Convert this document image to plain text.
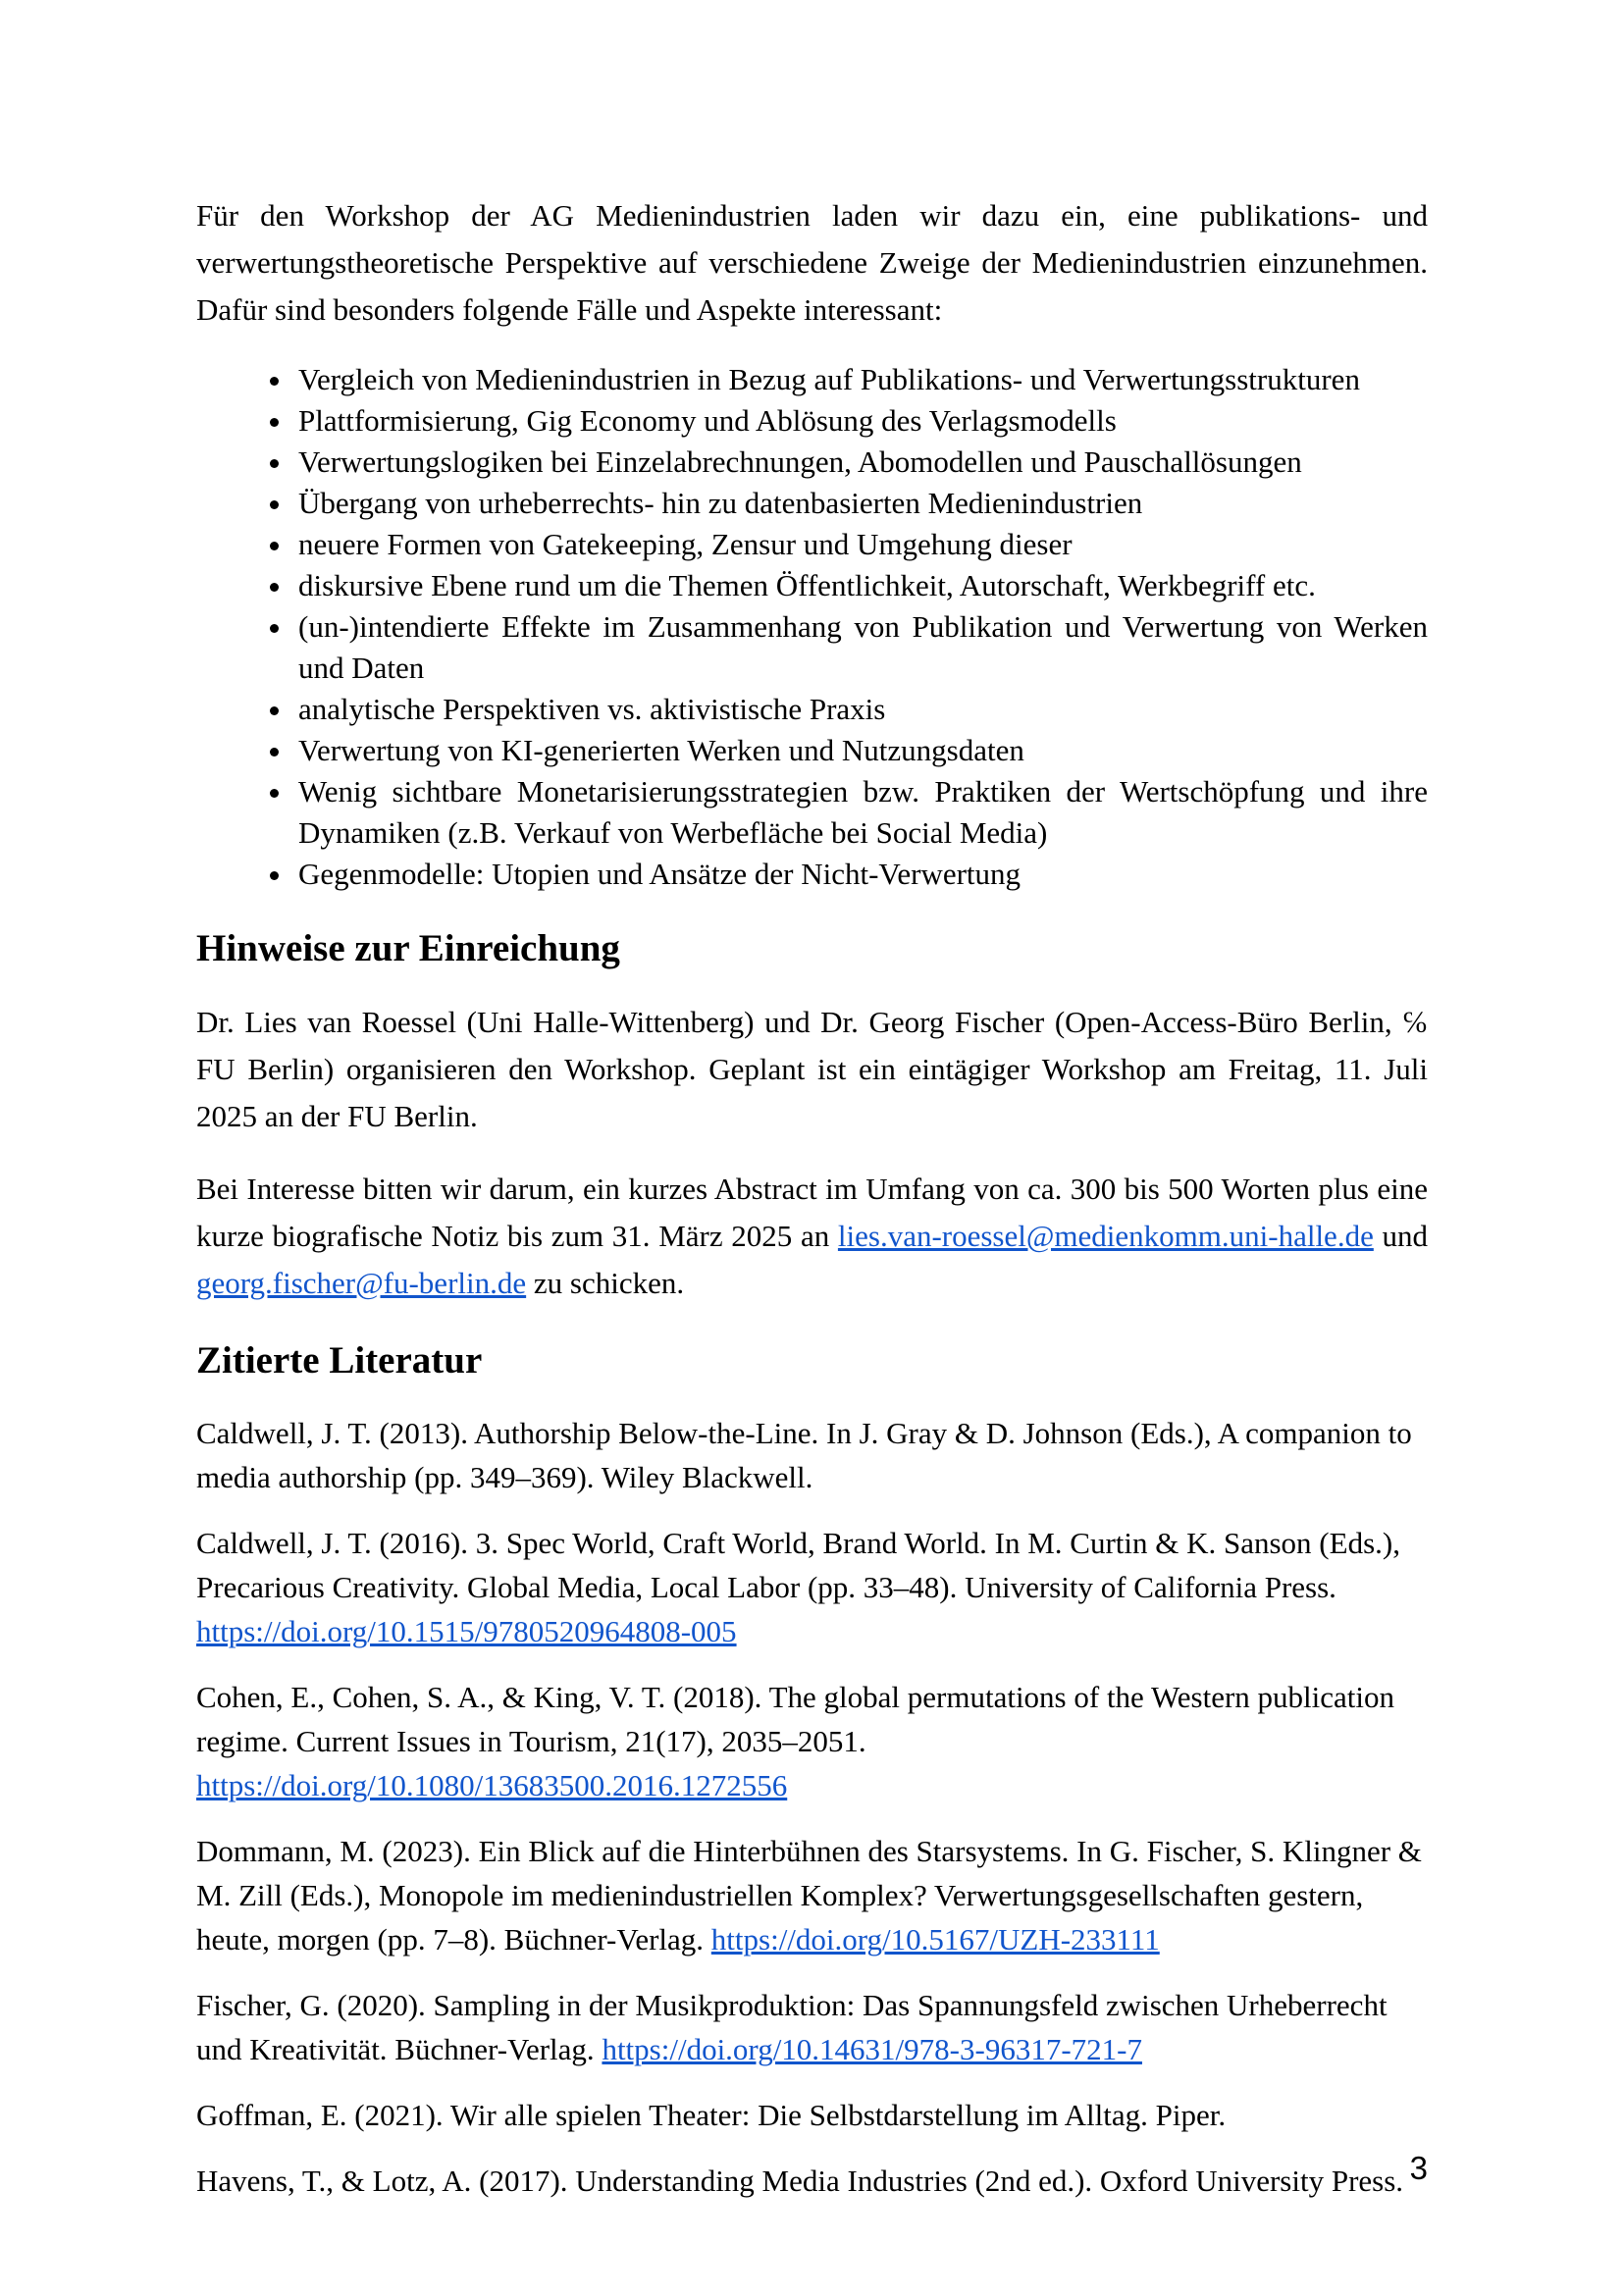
Für den Workshop der AG Medienindustrien laden wir dazu ein, eine publikations- und verwertungstheoretische Perspektive auf verschiedene Zweige der Medienindustrien einzunehmen. Dafür sind besonders folgende Fälle und Aspekte interessant:

• Vergleich von Medienindustrien in Bezug auf Publikations- und Verwertungsstrukturen
• Plattformisierung, Gig Economy und Ablösung des Verlagsmodells
• Verwertungslogiken bei Einzelabrechnungen, Abomodellen und Pauschallösungen
• Übergang von urheberrechts- hin zu datenbasierten Medienindustrien
• neuere Formen von Gatekeeping, Zensur und Umgehung dieser
• diskursive Ebene rund um die Themen Öffentlichkeit, Autorschaft, Werkbegriff etc.
• (un-)intendierte Effekte im Zusammenhang von Publikation und Verwertung von Werken und Daten
• analytische Perspektiven vs. aktivistische Praxis
• Verwertung von KI-generierten Werken und Nutzungsdaten
• Wenig sichtbare Monetarisierungsstrategien bzw. Praktiken der Wertschöpfung und ihre Dynamiken (z.B. Verkauf von Werbefläche bei Social Media)
• Gegenmodelle: Utopien und Ansätze der Nicht-Verwertung
Hinweise zur Einreichung

Dr. Lies van Roessel (Uni Halle-Wittenberg) und Dr. Georg Fischer (Open-Access-Büro Berlin, ℅ FU Berlin) organisieren den Workshop. Geplant ist ein eintägiger Workshop am Freitag, 11. Juli 2025 an der FU Berlin.

Bei Interesse bitten wir darum, ein kurzes Abstract im Umfang von ca. 300 bis 500 Worten plus eine kurze biografische Notiz bis zum 31. März 2025 an lies.van-roessel@medienkomm.uni-halle.de und georg.fischer@fu-berlin.de zu schicken.

Zitierte Literatur

Caldwell, J. T. (2013). Authorship Below-the-Line. In J. Gray & D. Johnson (Eds.), A companion to media authorship (pp. 349–369). Wiley Blackwell.

Caldwell, J. T. (2016). 3. Spec World, Craft World, Brand World. In M. Curtin & K. Sanson (Eds.), Precarious Creativity. Global Media, Local Labor (pp. 33–48). University of California Press. https://doi.org/10.1515/9780520964808-005

Cohen, E., Cohen, S. A., & King, V. T. (2018). The global permutations of the Western publication regime. Current Issues in Tourism, 21(17), 2035–2051. https://doi.org/10.1080/13683500.2016.1272556

Dommann, M. (2023). Ein Blick auf die Hinterbühnen des Starsystems. In G. Fischer, S. Klingner & M. Zill (Eds.), Monopole im medienindustriellen Komplex? Verwertungsgesellschaften gestern, heute, morgen (pp. 7–8). Büchner-Verlag. https://doi.org/10.5167/UZH-233111

Fischer, G. (2020). Sampling in der Musikproduktion: Das Spannungsfeld zwischen Urheberrecht und Kreativität. Büchner-Verlag. https://doi.org/10.14631/978-3-96317-721-7

Goffman, E. (2021). Wir alle spielen Theater: Die Selbstdarstellung im Alltag. Piper.

Havens, T., & Lotz, A. (2017). Understanding Media Industries (2nd ed.). Oxford University Press. 3
